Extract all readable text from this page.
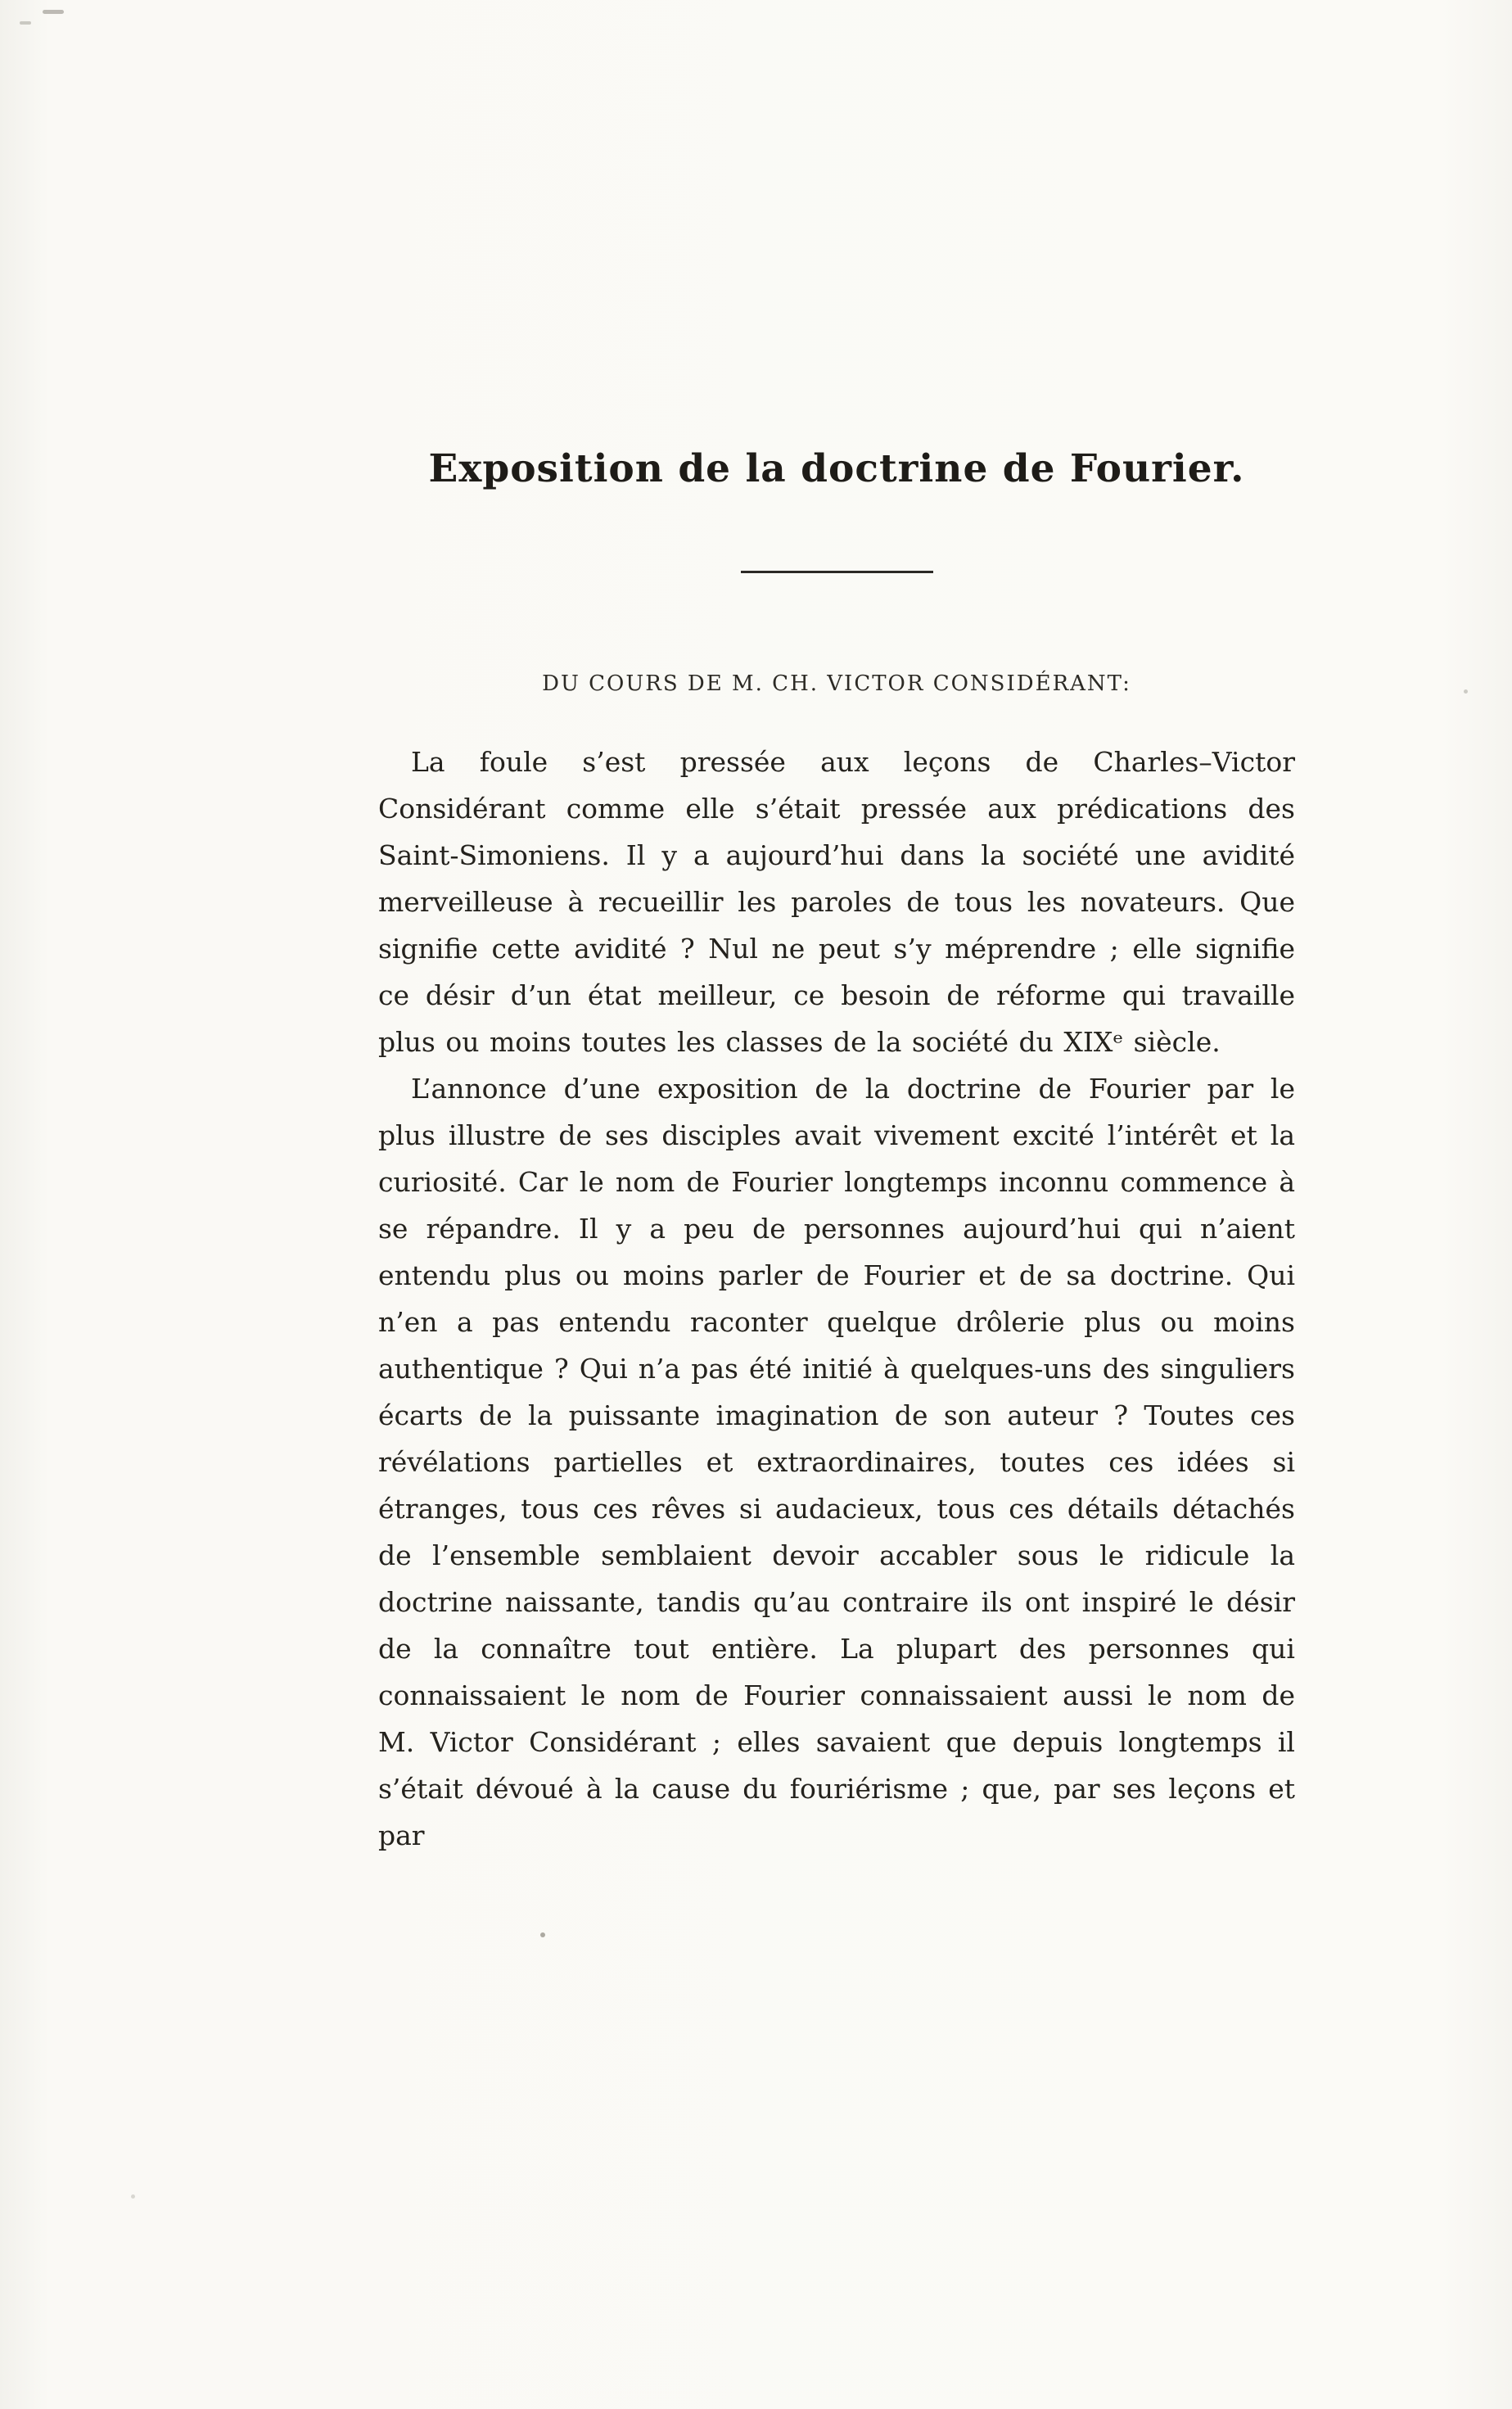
Exposition de la doctrine de Fourier.
DU COURS DE M. CH. VICTOR CONSIDÉRANT:

La foule s’est pressée aux leçons de Charles–Victor Considérant comme elle s’était pressée aux prédications des Saint-Simoniens. Il y a aujourd’hui dans la société une avidité merveilleuse à recueillir les paroles de tous les novateurs. Que signifie cette avidité ? Nul ne peut s’y méprendre ; elle signifie ce désir d’un état meilleur, ce besoin de réforme qui travaille plus ou moins toutes les classes de la société du XIXᵉ siècle.

L’annonce d’une exposition de la doctrine de Fourier par le plus illustre de ses disciples avait vivement excité l’intérêt et la curiosité. Car le nom de Fourier longtemps inconnu commence à se répandre. Il y a peu de personnes aujourd’hui qui n’aient entendu plus ou moins parler de Fourier et de sa doctrine. Qui n’en a pas entendu raconter quelque drôlerie plus ou moins authentique ? Qui n’a pas été initié à quelques-uns des singuliers écarts de la puissante imagination de son auteur ? Toutes ces révélations partielles et extraordinaires, toutes ces idées si étranges, tous ces rêves si audacieux, tous ces détails détachés de l’ensemble semblaient devoir accabler sous le ridicule la doctrine naissante, tandis qu’au contraire ils ont inspiré le désir de la connaître tout entière. La plupart des personnes qui connaissaient le nom de Fourier connaissaient aussi le nom de M. Victor Considérant ; elles savaient que depuis longtemps il s’était dévoué à la cause du fouriérisme ; que, par ses leçons et par
